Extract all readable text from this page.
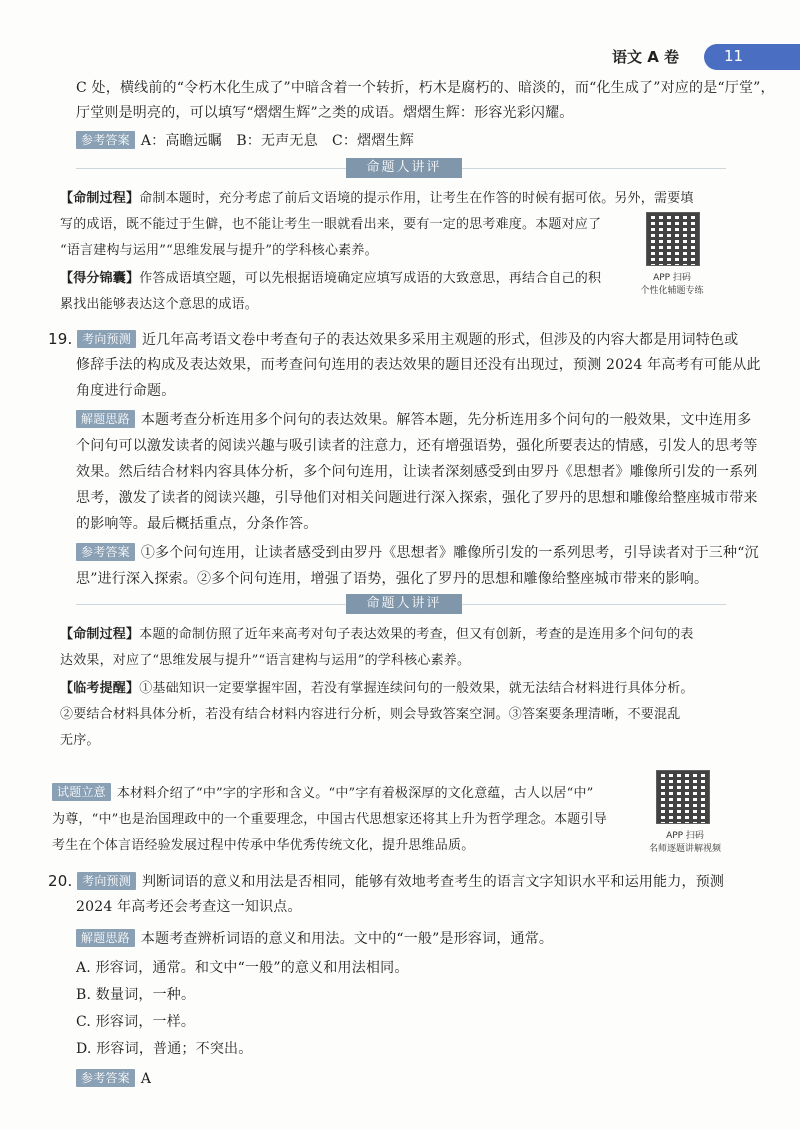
语文 A 卷	11
C 处，横线前的“令朽木化生成了”中暗含着一个转折，朽木是腐朽的、暗淡的，而“化生成了”对应的是“厅堂”，
厅堂则是明亮的，可以填写“熠熠生辉”之类的成语。熠熠生辉：形容光彩闪耀。
参考答案 A：高瞻远瞩　B：无声无息　C：熠熠生辉
命题人讲评
【命制过程】命制本题时，充分考虑了前后文语境的提示作用，让考生在作答的时候有据可依。另外，需要填
写的成语，既不能过于生僻，也不能让考生一眼就看出来，要有一定的思考难度。本题对应了
“语言建构与运用”“思维发展与提升”的学科核心素养。
【得分锦囊】作答成语填空题，可以先根据语境确定应填写成语的大致意思，再结合自己的积
累找出能够表达这个意思的成语。
APP 扫码
个性化辅题专练
19. 考向预测 近几年高考语文卷中考查句子的表达效果多采用主观题的形式，但涉及的内容大都是用词特色或
修辞手法的构成及表达效果，而考查问句连用的表达效果的题目还没有出现过，预测 2024 年高考有可能从此
角度进行命题。
解题思路 本题考查分析连用多个问句的表达效果。解答本题，先分析连用多个问句的一般效果，文中连用多
个问句可以激发读者的阅读兴趣与吸引读者的注意力，还有增强语势，强化所要表达的情感，引发人的思考等
效果。然后结合材料内容具体分析，多个问句连用，让读者深刻感受到由罗丹《思想者》雕像所引发的一系列
思考，激发了读者的阅读兴趣，引导他们对相关问题进行深入探索，强化了罗丹的思想和雕像给整座城市带来
的影响等。最后概括重点，分条作答。
参考答案 ①多个问句连用，让读者感受到由罗丹《思想者》雕像所引发的一系列思考，引导读者对于三种“沉
思”进行深入探索。②多个问句连用，增强了语势，强化了罗丹的思想和雕像给整座城市带来的影响。
命题人讲评
【命制过程】本题的命制仿照了近年来高考对句子表达效果的考查，但又有创新，考查的是连用多个问句的表
达效果，对应了“思维发展与提升”“语言建构与运用”的学科核心素养。
【临考提醒】①基础知识一定要掌握牢固，若没有掌握连续问句的一般效果，就无法结合材料进行具体分析。
②要结合材料具体分析，若没有结合材料内容进行分析，则会导致答案空洞。③答案要条理清晰，不要混乱
无序。
试题立意 本材料介绍了“中”字的字形和含义。“中”字有着极深厚的文化意蕴，古人以居“中”
为尊，“中”也是治国理政中的一个重要理念，中国古代思想家还将其上升为哲学理念。本题引导
考生在个体言语经验发展过程中传承中华优秀传统文化，提升思维品质。
APP 扫码
名师逐题讲解视频
20. 考向预测 判断词语的意义和用法是否相同，能够有效地考查考生的语言文字知识水平和运用能力，预测
2024 年高考还会考查这一知识点。
解题思路 本题考查辨析词语的意义和用法。文中的“一般”是形容词，通常。
A. 形容词，通常。和文中“一般”的意义和用法相同。
B. 数量词，一种。
C. 形容词，一样。
D. 形容词，普通；不突出。
参考答案 A
